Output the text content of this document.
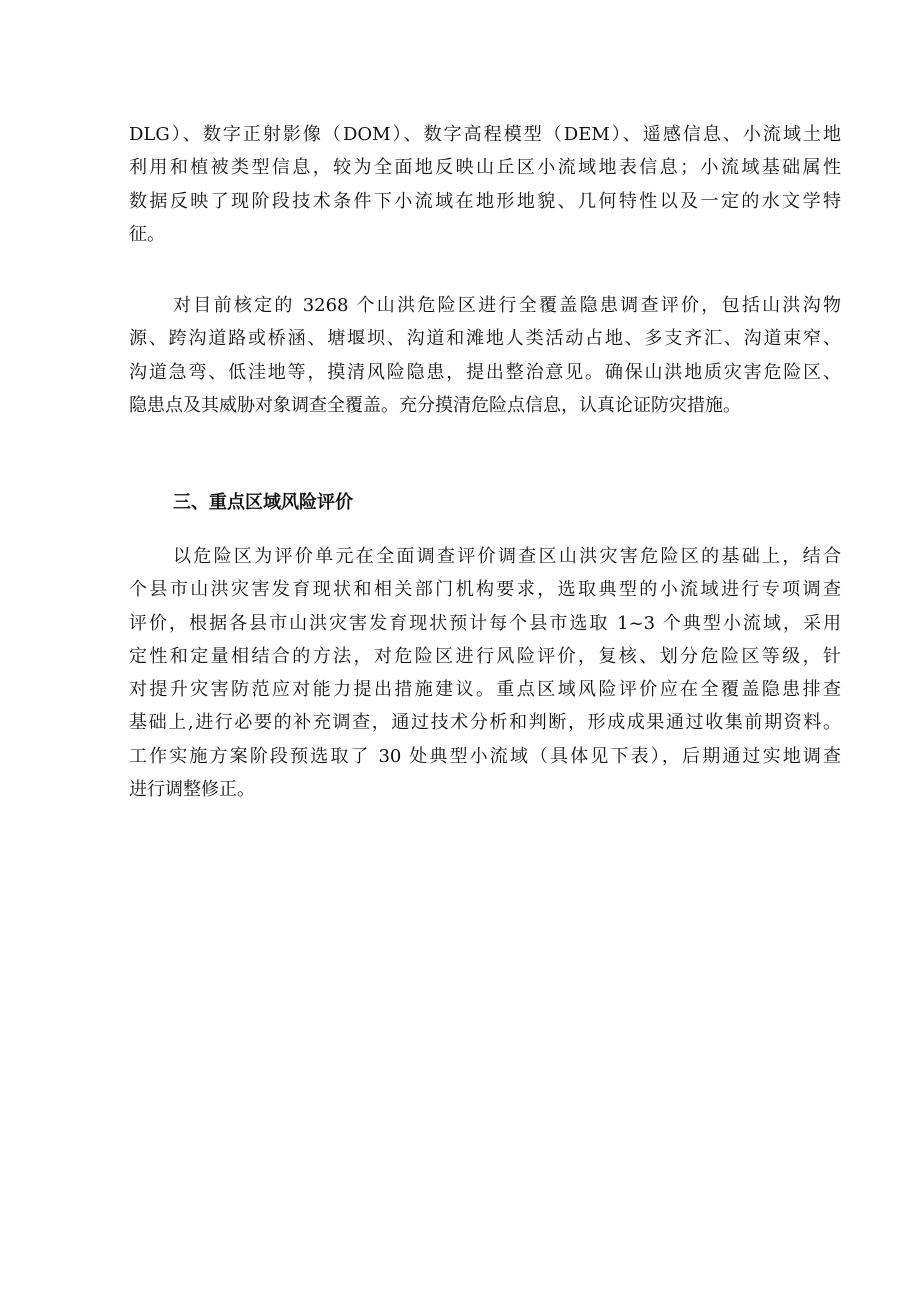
DLG）、数字正射影像（DOM）、数字高程模型（DEM）、遥感信息、小流域土地
利用和植被类型信息，较为全面地反映山丘区小流域地表信息；小流域基础属性
数据反映了现阶段技术条件下小流域在地形地貌、几何特性以及一定的水文学特
征。
对目前核定的 3268 个山洪危险区进行全覆盖隐患调查评价，包括山洪沟物
源、跨沟道路或桥涵、塘堰坝、沟道和滩地人类活动占地、多支齐汇、沟道束窄、
沟道急弯、低洼地等，摸清风险隐患，提出整治意见。确保山洪地质灾害危险区、
隐患点及其威胁对象调查全覆盖。充分摸清危险点信息，认真论证防灾措施。
三、重点区域风险评价
以危险区为评价单元在全面调查评价调查区山洪灾害危险区的基础上，结合
个县市山洪灾害发育现状和相关部门机构要求，选取典型的小流域进行专项调查
评价，根据各县市山洪灾害发育现状预计每个县市选取 1~3 个典型小流域，采用
定性和定量相结合的方法，对危险区进行风险评价，复核、划分危险区等级，针
对提升灾害防范应对能力提出措施建议。重点区域风险评价应在全覆盖隐患排查
基础上,进行必要的补充调查，通过技术分析和判断，形成成果通过收集前期资料。
工作实施方案阶段预选取了 30 处典型小流域（具体见下表），后期通过实地调查
进行调整修正。
